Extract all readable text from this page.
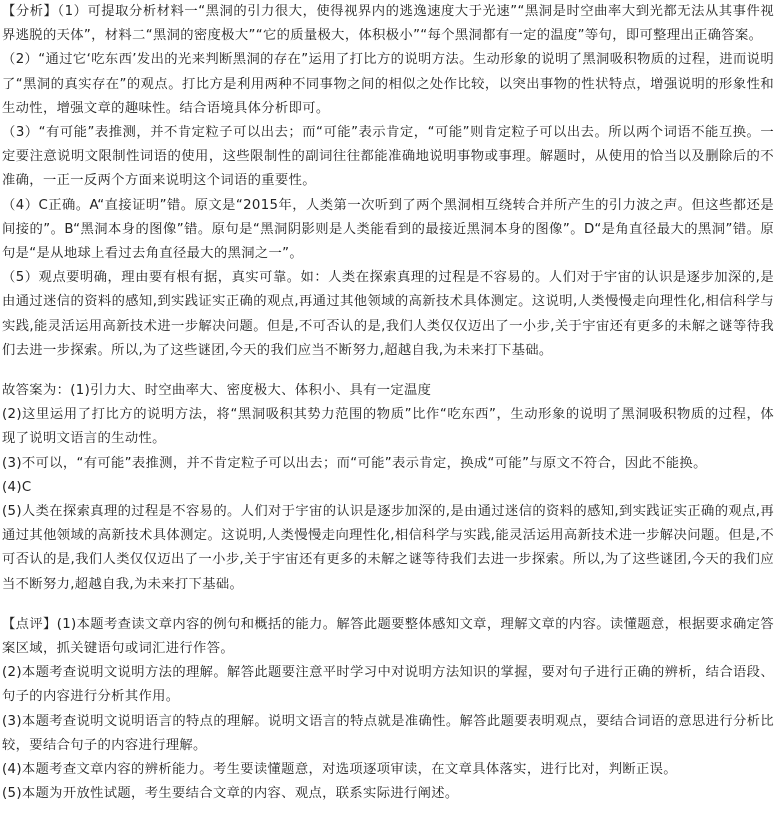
【分析】（1）可提取分析材料一“黑洞的引力很大，使得视界内的逃逸速度大于光速”“黑洞是时空曲率大到光都无法从其事件视界逃脱的天体”，材料二“黑洞的密度极大”“它的质量极大，体积极小”“每个黑洞都有一定的温度”等句，即可整理出正确答案。

（2）“通过它‘吃东西’发出的光来判断黑洞的存在”运用了打比方的说明方法。生动形象的说明了黑洞吸积物质的过程，进而说明了“黑洞的真实存在”的观点。打比方是利用两种不同事物之间的相似之处作比较，以突出事物的性状特点，增强说明的形象性和生动性，增强文章的趣味性。结合语境具体分析即可。

（3）“有可能”表推测，并不肯定粒子可以出去；而“可能”表示肯定，“可能”则肯定粒子可以出去。所以两个词语不能互换。一定要注意说明文限制性词语的使用，这些限制性的副词往往都能准确地说明事物或事理。解题时，从使用的恰当以及删除后的不准确，一正一反两个方面来说明这个词语的重要性。

（4）C正确。A“直接证明”错。原文是“2015年，人类第一次听到了两个黑洞相互绕转合并所产生的引力波之声。但这些都还是间接的”。B“黑洞本身的图像”错。原句是“黑洞阴影则是人类能看到的最接近黑洞本身的图像”。D“是角直径最大的黑洞”错。原句是“是从地球上看过去角直径最大的黑洞之一”。

（5）观点要明确，理由要有根有据，真实可靠。如：人类在探索真理的过程是不容易的。人们对于宇宙的认识是逐步加深的,是由通过迷信的资料的感知,到实践证实正确的观点,再通过其他领域的高新技术具体测定。这说明,人类慢慢走向理性化,相信科学与实践,能灵活运用高新技术进一步解决问题。但是,不可否认的是,我们人类仅仅迈出了一小步,关于宇宙还有更多的未解之谜等待我们去进一步探索。所以,为了这些谜团,今天的我们应当不断努力,超越自我,为未来打下基础。

故答案为：(1)引力大、时空曲率大、密度极大、体积小、具有一定温度

(2)这里运用了打比方的说明方法，将“黑洞吸积其势力范围的物质”比作“吃东西”，生动形象的说明了黑洞吸积物质的过程，体现了说明文语言的生动性。

(3)不可以，“有可能”表推测，并不肯定粒子可以出去；而“可能”表示肯定，换成“可能”与原文不符合，因此不能换。

(4)C

(5)人类在探索真理的过程是不容易的。人们对于宇宙的认识是逐步加深的,是由通过迷信的资料的感知,到实践证实正确的观点,再通过其他领域的高新技术具体测定。这说明,人类慢慢走向理性化,相信科学与实践,能灵活运用高新技术进一步解决问题。但是,不可否认的是,我们人类仅仅迈出了一小步,关于宇宙还有更多的未解之谜等待我们去进一步探索。所以,为了这些谜团,今天的我们应当不断努力,超越自我,为未来打下基础。

【点评】(1)本题考查读文章内容的例句和概括的能力。解答此题要整体感知文章，理解文章的内容。读懂题意，根据要求确定答案区域，抓关键语句或词汇进行作答。

(2)本题考查说明文说明方法的理解。解答此题要注意平时学习中对说明方法知识的掌握，要对句子进行正确的辨析，结合语段、句子的内容进行分析其作用。

(3)本题考查说明文说明语言的特点的理解。说明文语言的特点就是准确性。解答此题要表明观点，要结合词语的意思进行分析比较，要结合句子的内容进行理解。

(4)本题考查文章内容的辨析能力。考生要读懂题意，对选项逐项审读，在文章具体落实，进行比对，判断正误。

(5)本题为开放性试题，考生要结合文章的内容、观点，联系实际进行阐述。
